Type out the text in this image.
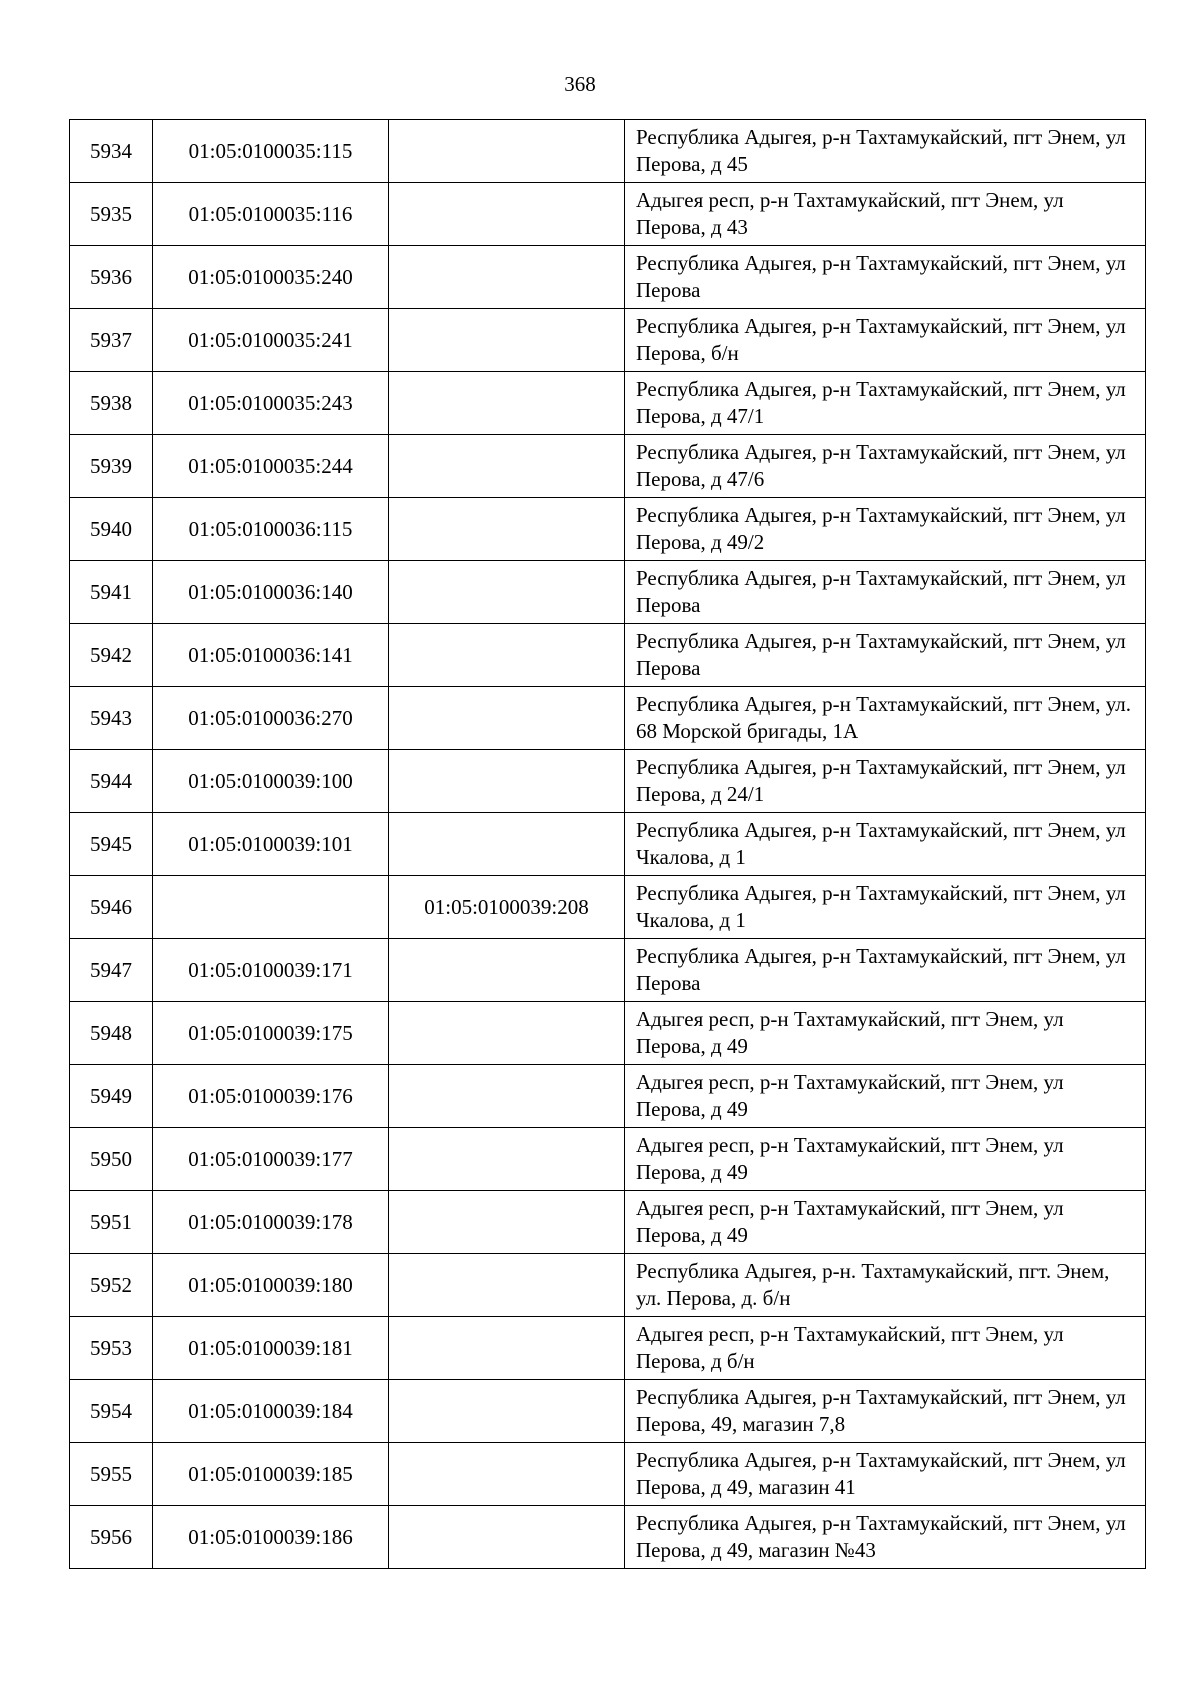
368
5934	01:05:0100035:115		Республика Адыгея, р-н Тахтамукайский, пгт Энем, ул Перова, д 45
5935	01:05:0100035:116		Адыгея респ, р-н Тахтамукайский, пгт Энем, ул Перова, д 43
5936	01:05:0100035:240		Республика Адыгея, р-н Тахтамукайский, пгт Энем, ул Перова
5937	01:05:0100035:241		Республика Адыгея, р-н Тахтамукайский, пгт Энем, ул Перова, б/н
5938	01:05:0100035:243		Республика Адыгея, р-н Тахтамукайский, пгт Энем, ул Перова, д 47/1
5939	01:05:0100035:244		Республика Адыгея, р-н Тахтамукайский, пгт Энем, ул Перова, д 47/6
5940	01:05:0100036:115		Республика Адыгея, р-н Тахтамукайский, пгт Энем, ул Перова, д 49/2
5941	01:05:0100036:140		Республика Адыгея, р-н Тахтамукайский, пгт Энем, ул Перова
5942	01:05:0100036:141		Республика Адыгея, р-н Тахтамукайский, пгт Энем, ул Перова
5943	01:05:0100036:270		Республика Адыгея, р-н Тахтамукайский, пгт Энем, ул. 68 Морской бригады, 1А
5944	01:05:0100039:100		Республика Адыгея, р-н Тахтамукайский, пгт Энем, ул Перова, д 24/1
5945	01:05:0100039:101		Республика Адыгея, р-н Тахтамукайский, пгт Энем, ул Чкалова, д 1
5946		01:05:0100039:208	Республика Адыгея, р-н Тахтамукайский, пгт Энем, ул Чкалова, д 1
5947	01:05:0100039:171		Республика Адыгея, р-н Тахтамукайский, пгт Энем, ул Перова
5948	01:05:0100039:175		Адыгея респ, р-н Тахтамукайский, пгт Энем, ул Перова, д 49
5949	01:05:0100039:176		Адыгея респ, р-н Тахтамукайский, пгт Энем, ул Перова, д 49
5950	01:05:0100039:177		Адыгея респ, р-н Тахтамукайский, пгт Энем, ул Перова, д 49
5951	01:05:0100039:178		Адыгея респ, р-н Тахтамукайский, пгт Энем, ул Перова, д 49
5952	01:05:0100039:180		Республика Адыгея, р-н. Тахтамукайский, пгт. Энем, ул. Перова, д. б/н
5953	01:05:0100039:181		Адыгея респ, р-н Тахтамукайский, пгт Энем, ул Перова, д б/н
5954	01:05:0100039:184		Республика Адыгея, р-н Тахтамукайский, пгт Энем, ул Перова, 49, магазин 7,8
5955	01:05:0100039:185		Республика Адыгея, р-н Тахтамукайский, пгт Энем, ул Перова, д 49, магазин 41
5956	01:05:0100039:186		Республика Адыгея, р-н Тахтамукайский, пгт Энем, ул Перова, д 49, магазин №43
